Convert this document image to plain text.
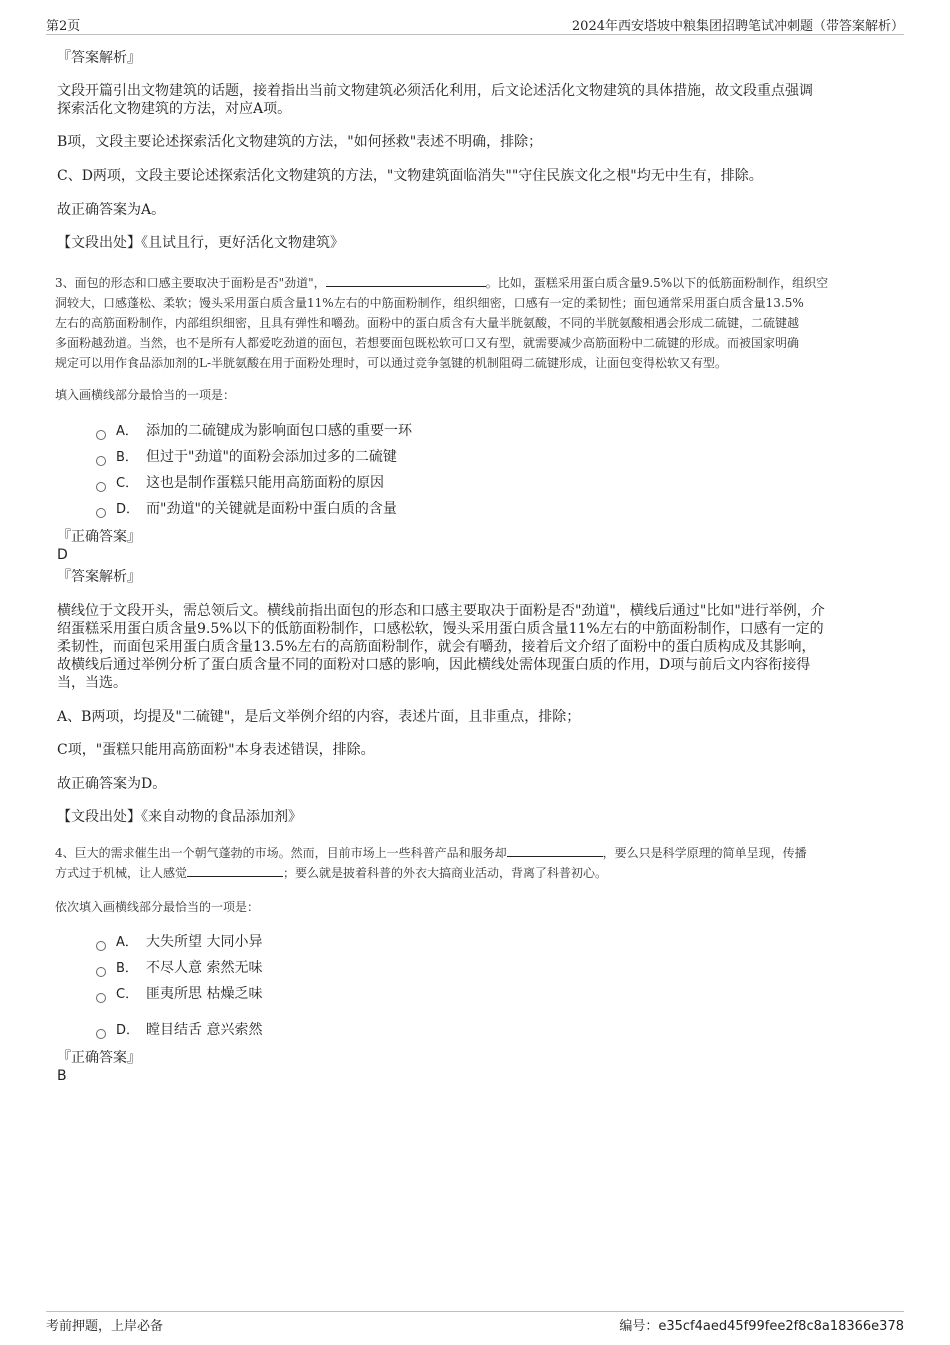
第2页	2024年西安塔坡中粮集团招聘笔试冲刺题（带答案解析）
『答案解析』
文段开篇引出文物建筑的话题，接着指出当前文物建筑必须活化利用，后文论述活化文物建筑的具体措施，故文段重点强调
探索活化文物建筑的方法，对应A项。
B项，文段主要论述探索活化文物建筑的方法，"如何拯救"表述不明确，排除；
C、D两项，文段主要论述探索活化文物建筑的方法，"文物建筑面临消失""守住民族文化之根"均无中生有，排除。
故正确答案为A。
【文段出处】《且试且行，更好活化文物建筑》
3、面包的形态和口感主要取决于面粉是否"劲道"，	。比如，蛋糕采用蛋白质含量9.5%以下的低筋面粉制作，组织空
洞较大，口感蓬松、柔软；馒头采用蛋白质含量11%左右的中筋面粉制作，组织细密，口感有一定的柔韧性；面包通常采用蛋白质含量13.5%
左右的高筋面粉制作，内部组织细密，且具有弹性和嚼劲。面粉中的蛋白质含有大量半胱氨酸，不同的半胱氨酸相遇会形成二硫键，二硫键越
多面粉越劲道。当然，也不是所有人都爱吃劲道的面包，若想要面包既松软可口又有型，就需要减少高筋面粉中二硫键的形成。而被国家明确
规定可以用作食品添加剂的L-半胱氨酸在用于面粉处理时，可以通过竞争氢键的机制阻碍二硫键形成，让面包变得松软又有型。
填入画横线部分最恰当的一项是：
A． 添加的二硫键成为影响面包口感的重要一环
B． 但过于"劲道"的面粉会添加过多的二硫键
C． 这也是制作蛋糕只能用高筋面粉的原因
D． 而"劲道"的关键就是面粉中蛋白质的含量
『正确答案』
D
『答案解析』
横线位于文段开头，需总领后文。横线前指出面包的形态和口感主要取决于面粉是否"劲道"，横线后通过"比如"进行举例，介
绍蛋糕采用蛋白质含量9.5%以下的低筋面粉制作，口感松软，馒头采用蛋白质含量11%左右的中筋面粉制作，口感有一定的
柔韧性，而面包采用蛋白质含量13.5%左右的高筋面粉制作，就会有嚼劲，接着后文介绍了面粉中的蛋白质构成及其影响，
故横线后通过举例分析了蛋白质含量不同的面粉对口感的影响，因此横线处需体现蛋白质的作用，D项与前后文内容衔接得
当，当选。
A、B两项，均提及"二硫键"，是后文举例介绍的内容，表述片面，且非重点，排除；
C项，"蛋糕只能用高筋面粉"本身表述错误，排除。
故正确答案为D。
【文段出处】《来自动物的食品添加剂》
4、巨大的需求催生出一个朝气蓬勃的市场。然而，目前市场上一些科普产品和服务却	，要么只是科学原理的简单呈现，传播
方式过于机械，让人感觉	；要么就是披着科普的外衣大搞商业活动，背离了科普初心。
依次填入画横线部分最恰当的一项是：
A． 大失所望 大同小异
B． 不尽人意 索然无味
C． 匪夷所思 枯燥乏味
D． 瞠目结舌 意兴索然
『正确答案』
B
考前押题，上岸必备	编号：e35cf4aed45f99fee2f8c8a18366e378
